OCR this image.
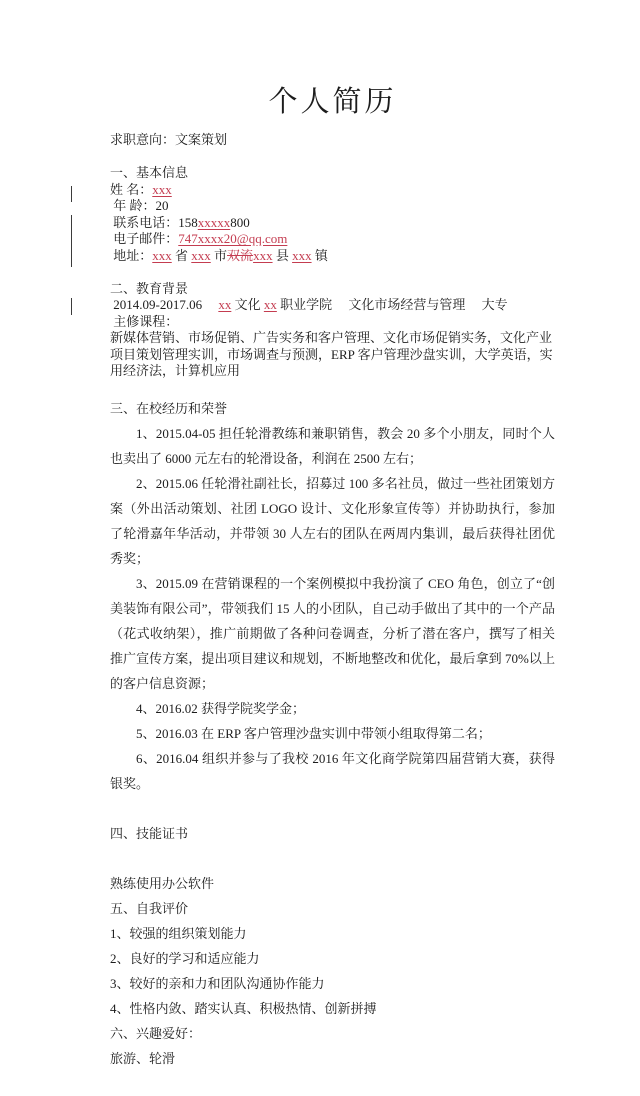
个人简历

求职意向：文案策划

一、基本信息

姓 名：xxx

年 龄：20

联系电话：158xxxxx800

电子邮件：747xxxx20@qq.com

地址：xxx 省 xxx 市双流xxx 县 xxx 镇

二、教育背景

2014.09-2017.06　 xx 文化 xx 职业学院　 文化市场经营与管理　 大专

主修课程：

新媒体营销、市场促销、广告实务和客户管理、文化市场促销实务，文化产业项目策划管理实训，市场调查与预测，ERP 客户管理沙盘实训，大学英语，实用经济法，计算机应用

三、在校经历和荣誉

1、2015.04-05 担任轮滑教练和兼职销售，教会 20 多个小朋友，同时个人也卖出了 6000 元左右的轮滑设备，利润在 2500 左右；

2、2015.06 任轮滑社副社长，招募过 100 多名社员，做过一些社团策划方案（外出活动策划、社团 LOGO 设计、文化形象宣传等）并协助执行，参加了轮滑嘉年华活动，并带领 30 人左右的团队在两周内集训，最后获得社团优秀奖；

3、2015.09 在营销课程的一个案例模拟中我扮演了 CEO 角色，创立了“创美装饰有限公司”，带领我们 15 人的小团队，自己动手做出了其中的一个产品（花式收纳架），推广前期做了各种问卷调查，分析了潜在客户，撰写了相关推广宣传方案，提出项目建议和规划，不断地整改和优化，最后拿到 70%以上的客户信息资源；

4、2016.02 获得学院奖学金；

5、2016.03 在 ERP 客户管理沙盘实训中带领小组取得第二名；

6、2016.04 组织并参与了我校 2016 年文化商学院第四届营销大赛，获得银奖。

四、技能证书

熟练使用办公软件

五、自我评价

1、较强的组织策划能力

2、良好的学习和适应能力

3、较好的亲和力和团队沟通协作能力

4、性格内敛、踏实认真、积极热情、创新拼搏

六、兴趣爱好：

旅游、轮滑
